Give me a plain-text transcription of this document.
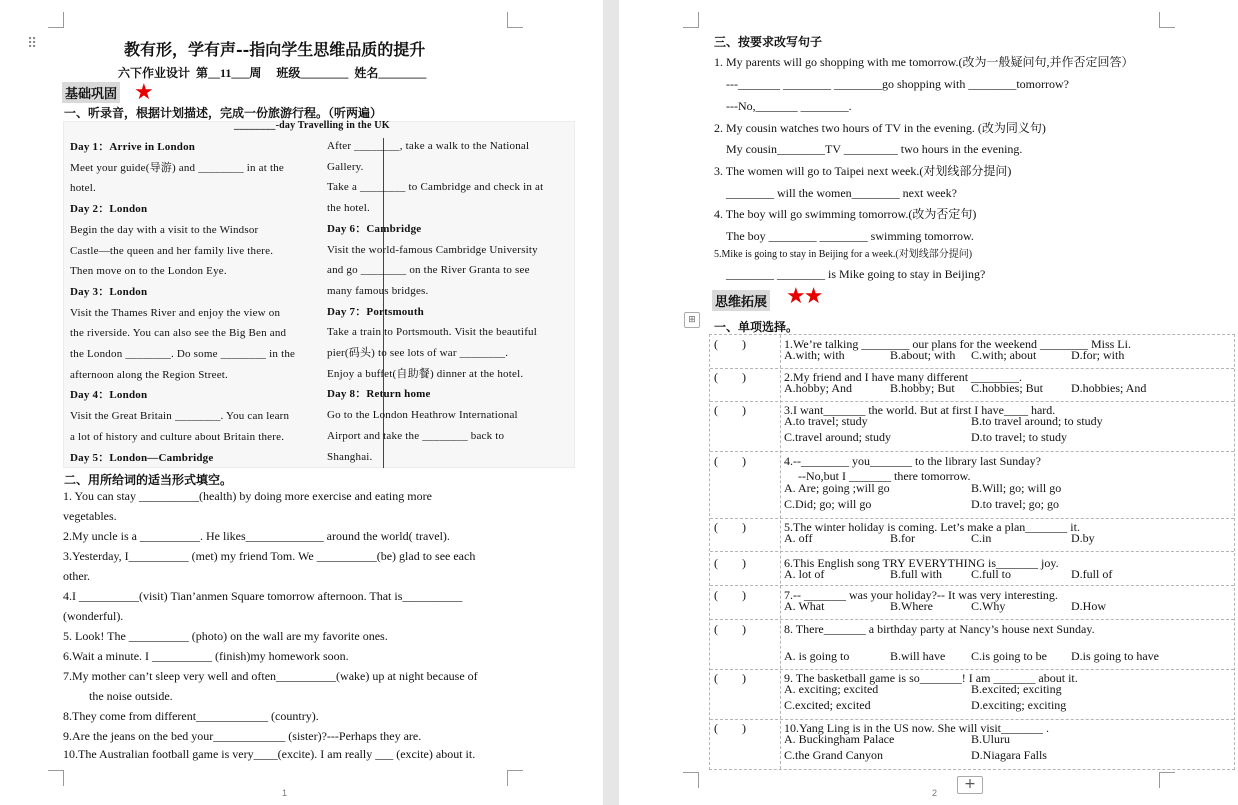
⠿	教有形，学有声--指向学生思维品质的提升
六下作业设计  第__11___周     班级________  姓名________
基础巩固 ★
一、听录音，根据计划描述，完成一份旅游行程。（听两遍）
________-day Travelling in the UK
Day 1：Arrive in London
Meet your guide(导游) and ________ in at the
hotel.
Day 2：London
Begin the day with a visit to the Windsor
Castle—the queen and her family live there.
Then move on to the London Eye.
Day 3：London
Visit the Thames River and enjoy the view on
the riverside. You can also see the Big Ben and
the London ________. Do some ________ in the
afternoon along the Region Street.
Day 4：London
Visit the Great Britain ________. You can learn
a lot of history and culture about Britain there.
Day 5：London—Cambridge
After ________, take a walk to the National
Gallery.
Take a ________ to Cambridge and check in at
the hotel.
Day 6：Cambridge
Visit the world-famous Cambridge University
and go ________ on the River Granta to see
many famous bridges.
Day 7：Portsmouth
Take a train to Portsmouth. Visit the beautiful
pier(码头) to see lots of war ________.
Enjoy a buffet(自助餐) dinner at the hotel.
Day 8：Return home
Go to the London Heathrow International
Airport and take the ________ back to
Shanghai.
二、用所给词的适当形式填空。
1. You can stay __________(health) by doing more exercise and eating more
vegetables.
2.My uncle is a __________. He likes_____________ around the world( travel).
3.Yesterday, I__________ (met) my friend Tom. We __________(be) glad to see each
other.
4.I __________(visit) Tian’anmen Square tomorrow afternoon. That is__________
(wonderful).
5. Look! The __________ (photo) on the wall are my favorite ones.
6.Wait a minute. I __________ (finish)my homework soon.
7.My mother can’t sleep very well and often__________(wake) up at night because of
the noise outside.
8.They come from different____________ (country).
9.Are the jeans on the bed your____________ (sister)?---Perhaps they are.
10.The Australian football game is very____(excite). I am really ___ (excite) about it.
1	2
三、按要求改写句子
1. My parents will go shopping with me tomorrow.(改为一般疑问句,并作否定回答）
---_______ ________ ________go shopping with ________tomorrow?
---No,_______ ________.
2. My cousin watches two hours of TV in the evening. (改为同义句)
My cousin________TV _________ two hours in the evening.
3. The women will go to Taipei next week.(对划线部分提问)
________ will the women________ next week?
4. The boy will go swimming tomorrow.(改为否定句)
The boy ________ ________ swimming tomorrow.
5.Mike is going to stay in Beijing for a week.(对划线部分提问)
________ ________ is Mike going to stay in Beijing?
思维拓展 ★★
⊞	一、单项选择。
(        )	1.We’re talking ________ our plans for the weekend ________ Miss Li.
A.with; with	B.about; with C.with; about	D.for; with
(        )	2.My friend and I have many different ________.
A.hobby; And	B.hobby; But C.hobbies; But D.hobbies; And
(        )	3.I want_______ the world. But at first I have____ hard.
A.to travel; study	B.to travel around; to study
C.travel around; study	D.to travel; to study
(        )	4.--________ you_______ to the library last Sunday?
--No,but I _______ there tomorrow.
A. Are; going ;will go	B.Will; go; will go
C.Did; go; will go	D.to travel; go; go
(        )	5.The winter holiday is coming. Let’s make a plan_______ it.
A. off	B.for	C.in	D.by
(        )	6.This English song TRY EVERYTHING is_______ joy.
A. lot of	B.full with C.full to	D.full of
(        )	7.-- _______ was your holiday?-- It was very interesting.
A. What	B.Where	C.Why	D.How
(        )	8. There_______ a birthday party at Nancy’s house next Sunday.
A. is going to	B.will have C.is going to be D.is going to have
(        )	9. The basketball game is so_______! I am _______ about it.
A. exciting; excited	B.excited; exciting
C.excited; excited	D.exciting; exciting
(        )	10.Yang Ling is in the US now. She will visit_______ .
A. Buckingham Palace	B.Uluru
C.the Grand Canyon	D.Niagara Falls
+
